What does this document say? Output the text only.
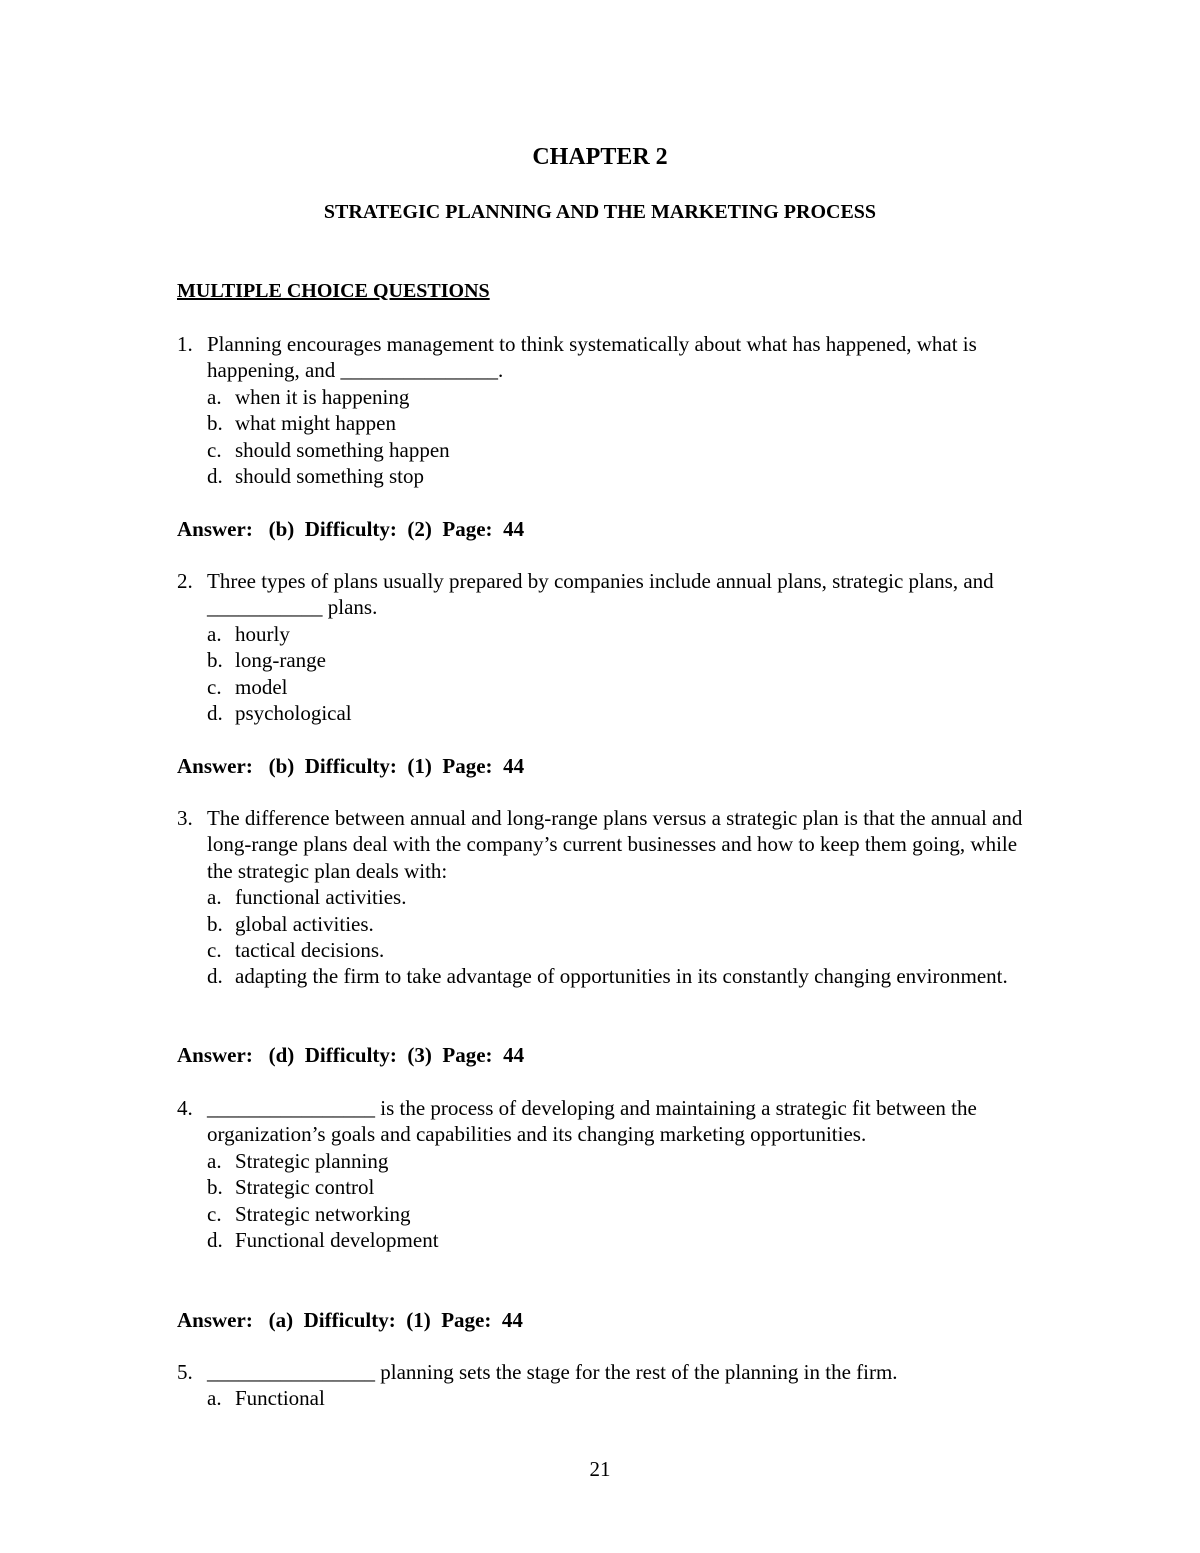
CHAPTER 2
STRATEGIC PLANNING AND THE MARKETING PROCESS
MULTIPLE CHOICE QUESTIONS
1. Planning encourages management to think systematically about what has happened, what is happening, and _______________.
a. when it is happening
b. what might happen
c. should something happen
d. should something stop
Answer: (b) Difficulty: (2) Page: 44
2. Three types of plans usually prepared by companies include annual plans, strategic plans, and ___________ plans.
a. hourly
b. long-range
c. model
d. psychological
Answer: (b) Difficulty: (1) Page: 44
3. The difference between annual and long-range plans versus a strategic plan is that the annual and long-range plans deal with the company’s current businesses and how to keep them going, while the strategic plan deals with:
a. functional activities.
b. global activities.
c. tactical decisions.
d. adapting the firm to take advantage of opportunities in its constantly changing environment.
Answer: (d) Difficulty: (3) Page: 44
4. ________________ is the process of developing and maintaining a strategic fit between the organization’s goals and capabilities and its changing marketing opportunities.
a. Strategic planning
b. Strategic control
c. Strategic networking
d. Functional development
Answer: (a) Difficulty: (1) Page: 44
5. ________________ planning sets the stage for the rest of the planning in the firm.
a. Functional
21
